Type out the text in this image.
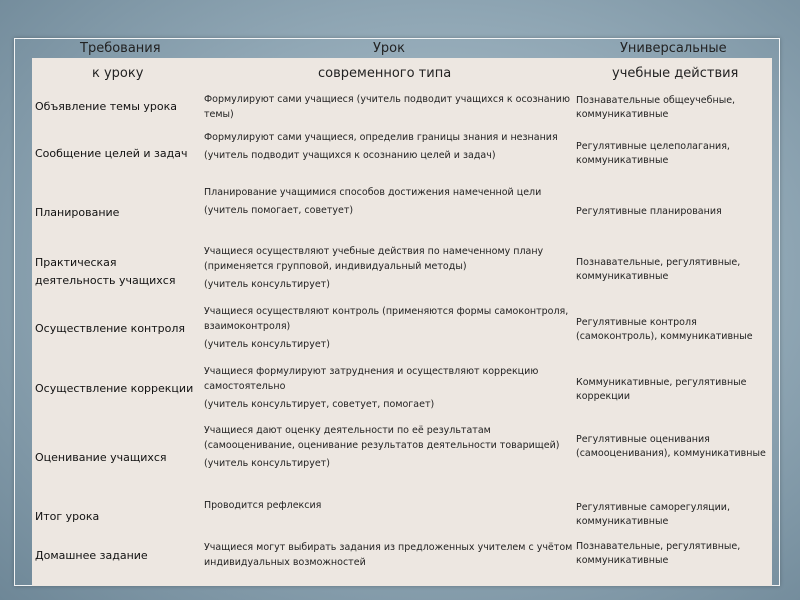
Требования
к уроку
Урок
современного типа
Универсальные
учебные действия
Объявление темы урока
Формулируют сами учащиеся (учитель подводит учащихся к осознанию темы)
Познавательные общеучебные, коммуникативные
Сообщение целей и задач
Формулируют сами учащиеся, определив границы знания и незнания
(учитель подводит учащихся к осознанию целей и задач)
Регулятивные целеполагания, коммуникативные
Планирование
Планирование учащимися способов достижения намеченной цели
(учитель помогает, советует)	Регулятивные планирования
Практическая деятельность учащихся
Учащиеся осуществляют учебные действия по намеченному плану (применяется групповой, индивидуальный методы)
(учитель консультирует)
Познавательные, регулятивные, коммуникативные
Осуществление контроля
Учащиеся осуществляют контроль (применяются формы самоконтроля, взаимоконтроля)
(учитель консультирует)
Регулятивные контроля (самоконтроль), коммуникативные
Осуществление коррекции
Учащиеся формулируют затруднения и осуществляют коррекцию самостоятельно
(учитель консультирует, советует, помогает)
Коммуникативные, регулятивные коррекции
Оценивание учащихся
Учащиеся дают оценку деятельности по её результатам (самооценивание, оценивание результатов деятельности товарищей)
(учитель консультирует)
Регулятивные оценивания (самооценивания), коммуникативные
Итог урока
Проводится рефлексия	Регулятивные саморегуляции, коммуникативные
Домашнее задание
Учащиеся могут выбирать задания из предложенных учителем с учётом индивидуальных возможностей
Познавательные, регулятивные, коммуникативные
